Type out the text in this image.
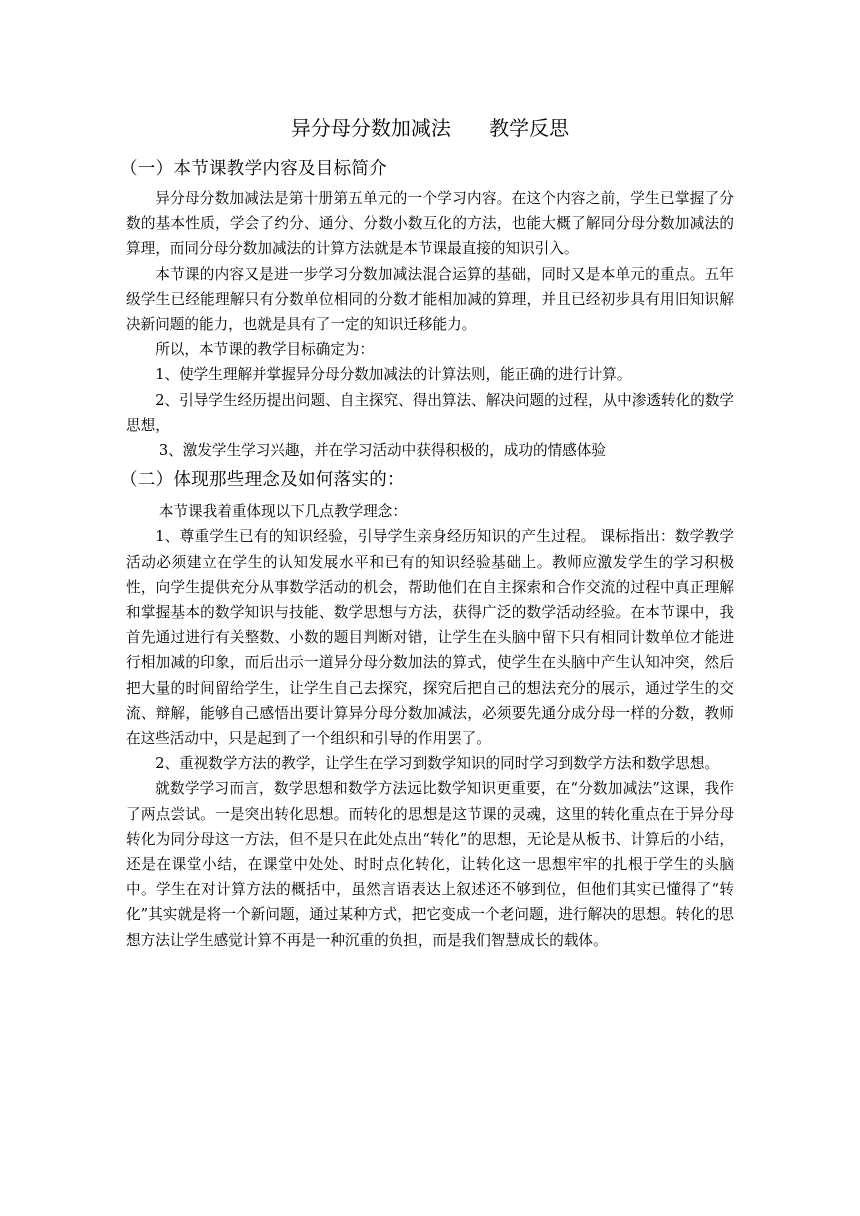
异分母分数加减法      教学反思
（一）本节课教学内容及目标简介

异分母分数加减法是第十册第五单元的一个学习内容。在这个内容之前，学生已掌握了分数的基本性质，学会了约分、通分、分数小数互化的方法，也能大概了解同分母分数加减法的算理，而同分母分数加减法的计算方法就是本节课最直接的知识引入。

本节课的内容又是进一步学习分数加减法混合运算的基础，同时又是本单元的重点。五年级学生已经能理解只有分数单位相同的分数才能相加减的算理，并且已经初步具有用旧知识解决新问题的能力，也就是具有了一定的知识迁移能力。

所以，本节课的教学目标确定为：

1、使学生理解并掌握异分母分数加减法的计算法则，能正确的进行计算。

2、引导学生经历提出问题、自主探究、得出算法、解决问题的过程，从中渗透转化的数学思想，

3、激发学生学习兴趣，并在学习活动中获得积极的，成功的情感体验

（二）体现那些理念及如何落实的：

本节课我着重体现以下几点教学理念：

1、尊重学生已有的知识经验，引导学生亲身经历知识的产生过程。 课标指出：数学教学活动必须建立在学生的认知发展水平和已有的知识经验基础上。教师应激发学生的学习积极性，向学生提供充分从事数学活动的机会，帮助他们在自主探索和合作交流的过程中真正理解和掌握基本的数学知识与技能、数学思想与方法，获得广泛的数学活动经验。在本节课中，我首先通过进行有关整数、小数的题目判断对错，让学生在头脑中留下只有相同计数单位才能进行相加减的印象，而后出示一道异分母分数加法的算式，使学生在头脑中产生认知冲突，然后把大量的时间留给学生，让学生自己去探究，探究后把自己的想法充分的展示，通过学生的交流、辩解，能够自己感悟出要计算异分母分数加减法，必须要先通分成分母一样的分数，教师在这些活动中，只是起到了一个组织和引导的作用罢了。

2、重视数学方法的教学，让学生在学习到数学知识的同时学习到数学方法和数学思想。

就数学学习而言，数学思想和数学方法远比数学知识更重要，在“分数加减法”这课，我作了两点尝试。一是突出转化思想。而转化的思想是这节课的灵魂，这里的转化重点在于异分母转化为同分母这一方法，但不是只在此处点出“转化”的思想，无论是从板书、计算后的小结，还是在课堂小结，在课堂中处处、时时点化转化，让转化这一思想牢牢的扎根于学生的头脑中。学生在对计算方法的概括中，虽然言语表达上叙述还不够到位，但他们其实已懂得了“转化”其实就是将一个新问题，通过某种方式，把它变成一个老问题，进行解决的思想。转化的思想方法让学生感觉计算不再是一种沉重的负担，而是我们智慧成长的载体。
